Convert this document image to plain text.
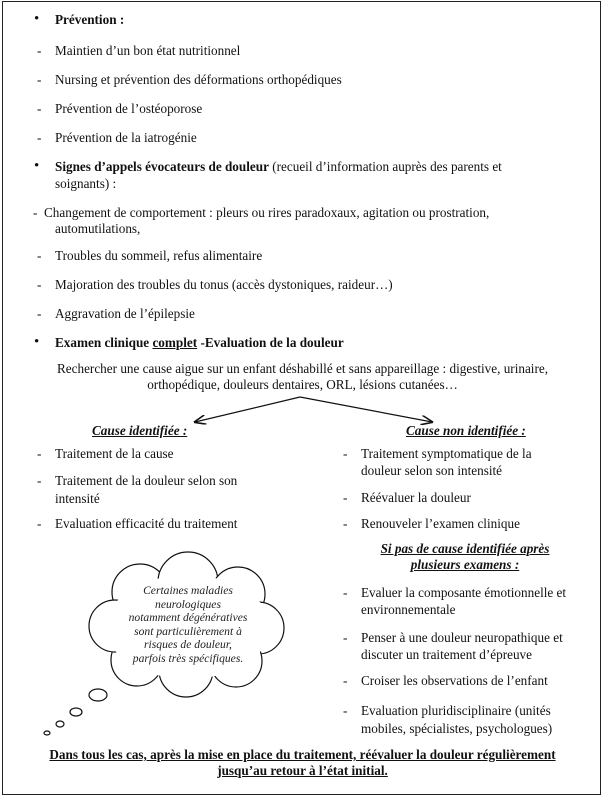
• Prévention :
- Maintien d’un bon état nutritionnel
- Nursing et prévention des déformations orthopédiques
- Prévention de l’ostéoporose
- Prévention de la iatrogénie
• Signes d’appels évocateurs de douleur (recueil d’information auprès des parents et
soignants) :
- Changement de comportement : pleurs ou rires paradoxaux, agitation ou prostration,
automutilations,
- Troubles du sommeil, refus alimentaire
- Majoration des troubles du tonus (accès dystoniques, raideur…)
- Aggravation de l’épilepsie
• Examen clinique complet -Evaluation de la douleur
Rechercher une cause aigue sur un enfant déshabillé et sans appareillage : digestive, urinaire,
orthopédique, douleurs dentaires, ORL, lésions cutanées…
Cause identifiée :
- Traitement de la cause
- Traitement de la douleur selon son
intensité
- Evaluation efficacité du traitement
Cause non identifiée :
- Traitement symptomatique de la
douleur selon son intensité
- Réévaluer la douleur
- Renouveler l’examen clinique
Si pas de cause identifiée après
plusieurs examens :
- Evaluer la composante émotionnelle et
environnementale
- Penser à une douleur neuropathique et
discuter un traitement d’épreuve
- Croiser les observations de l’enfant
- Evaluation pluridisciplinaire (unités
mobiles, spécialistes, psychologues)
Certaines maladies
neurologiques
notamment dégénératives
sont particulièrement à
risques de douleur,
parfois très spécifiques.
Dans tous les cas, après la mise en place du traitement, réévaluer la douleur régulièrement
jusqu’au retour à l’état initial.
